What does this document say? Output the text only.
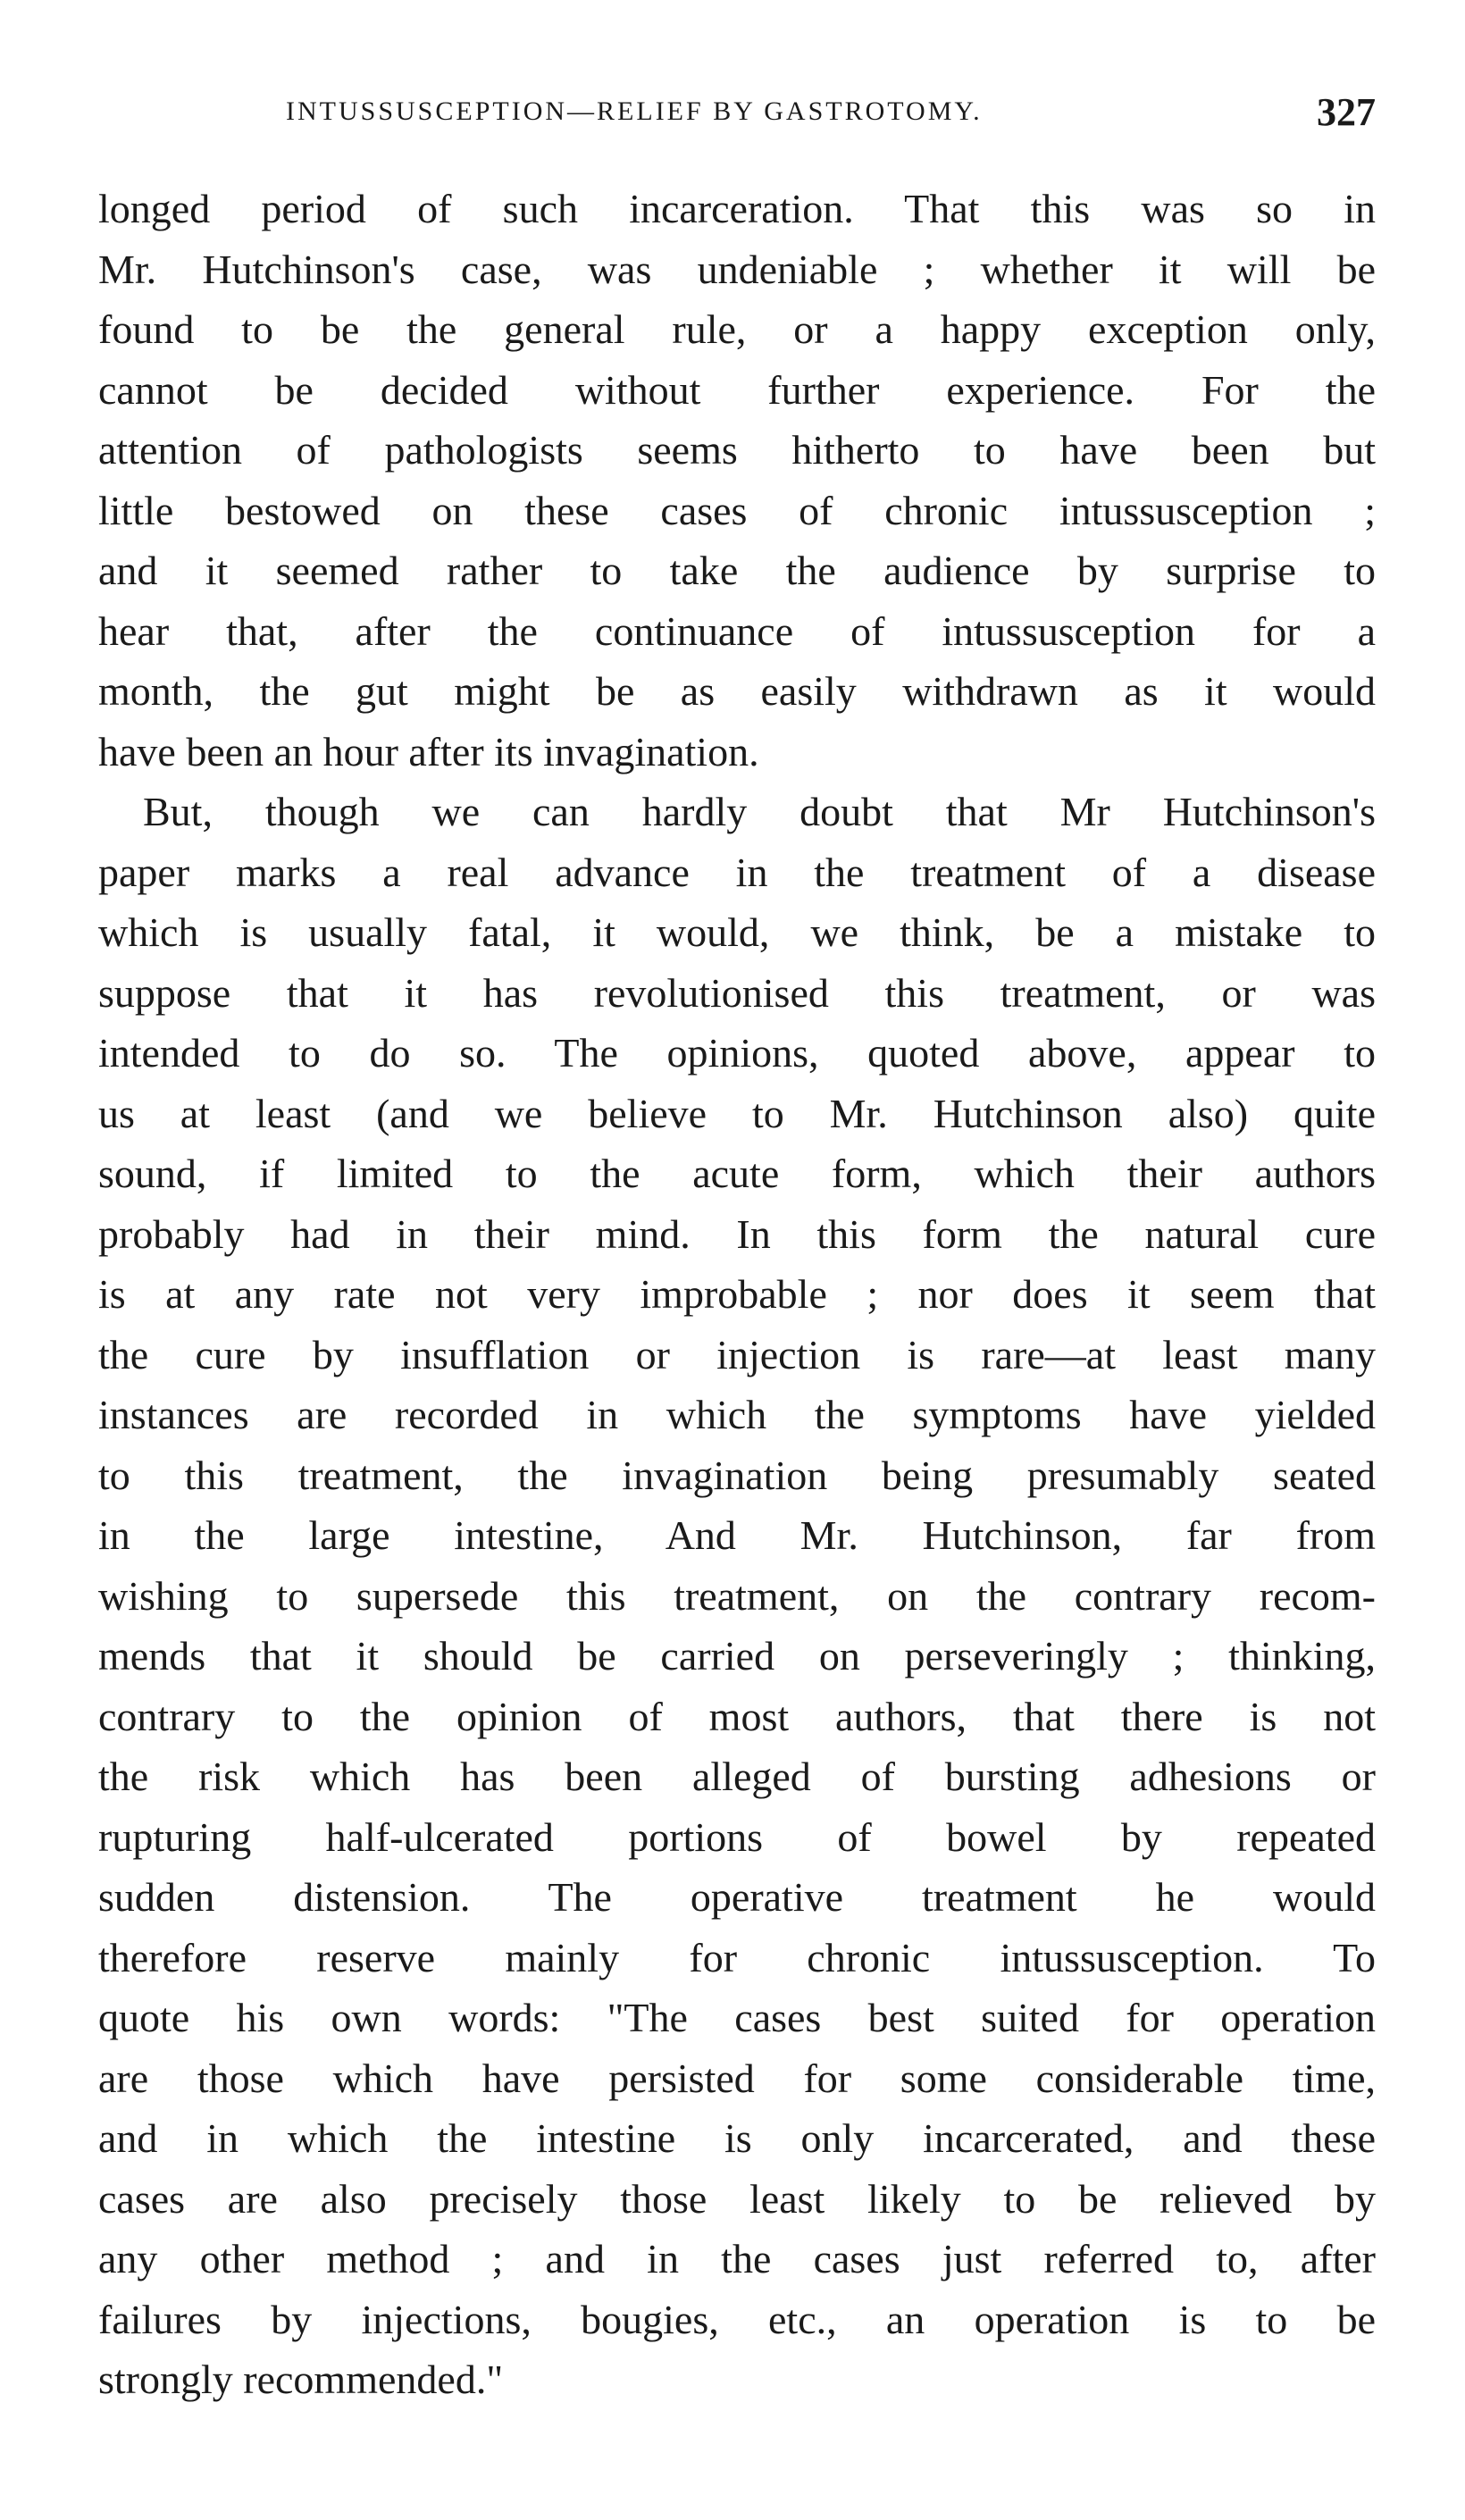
INTUSSUSCEPTION—RELIEF BY GASTROTOMY.	327
longed period of such incarceration. That this was so in
Mr. Hutchinson's case, was undeniable ; whether it will be
found to be the general rule, or a happy exception only,
cannot be decided without further experience. For the
attention of pathologists seems hitherto to have been but
little bestowed on these cases of chronic intussusception ;
and it seemed rather to take the audience by surprise to
hear that, after the continuance of intussusception for a
month, the gut might be as easily withdrawn as it would
have been an hour after its invagination.
But, though we can hardly doubt that Mr Hutchinson's
paper marks a real advance in the treatment of a disease
which is usually fatal, it would, we think, be a mistake to
suppose that it has revolutionised this treatment, or was
intended to do so. The opinions, quoted above, appear to
us at least (and we believe to Mr. Hutchinson also) quite
sound, if limited to the acute form, which their authors
probably had in their mind. In this form the natural cure
is at any rate not very improbable ; nor does it seem that
the cure by insufflation or injection is rare—at least many
instances are recorded in which the symptoms have yielded
to this treatment, the invagination being presumably seated
in the large intestine, And Mr. Hutchinson, far from
wishing to supersede this treatment, on the contrary recom-
mends that it should be carried on perseveringly ; thinking,
contrary to the opinion of most authors, that there is not
the risk which has been alleged of bursting adhesions or
rupturing half-ulcerated portions of bowel by repeated
sudden distension. The operative treatment he would
therefore reserve mainly for chronic intussusception. To
quote his own words: "The cases best suited for operation
are those which have persisted for some considerable time,
and in which the intestine is only incarcerated, and these
cases are also precisely those least likely to be relieved by
any other method ; and in the cases just referred to, after
failures by injections, bougies, etc., an operation is to be
strongly recommended."
